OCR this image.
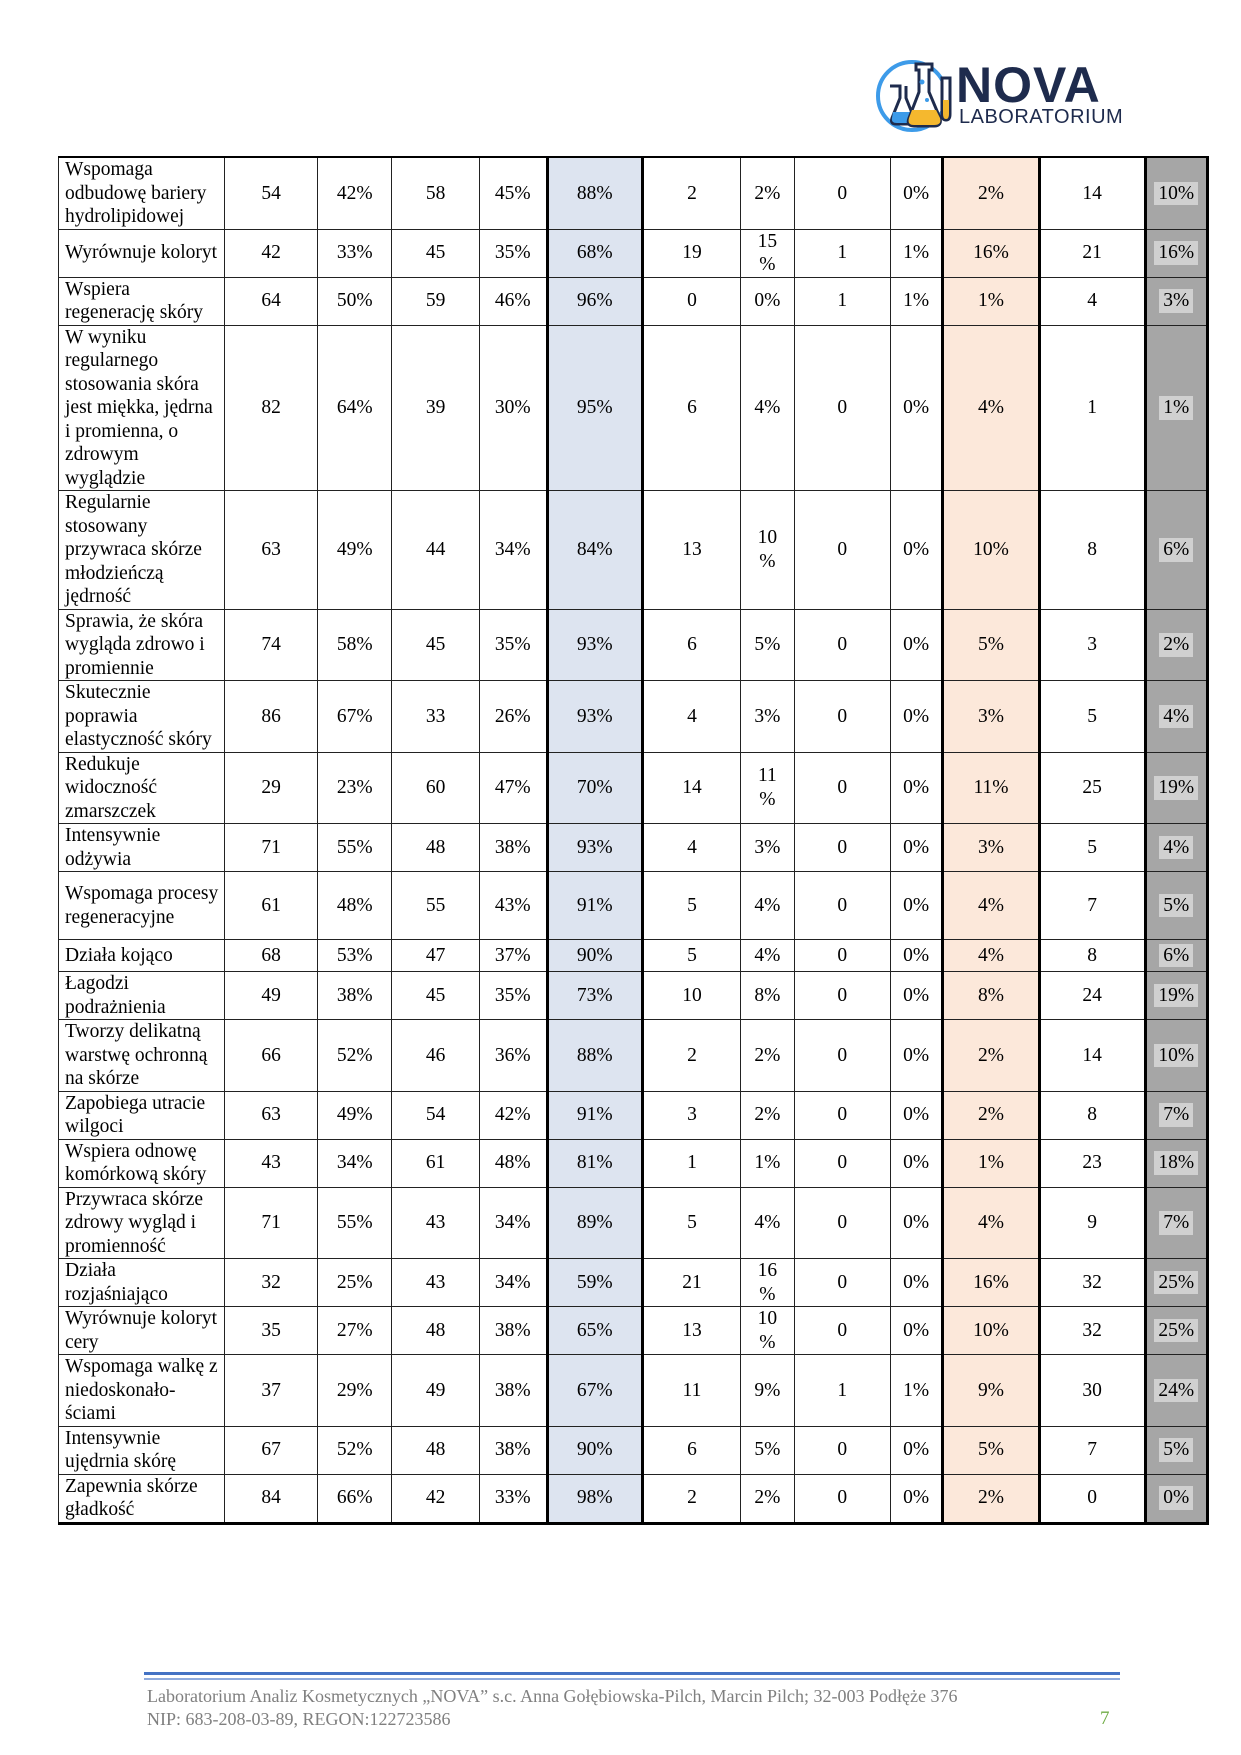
NOVA
LABORATORIUM
Wspomaga odbudowę bariery hydrolipidowej	54	42%	58	45%	88%	2	2%	0	0%	2%	14	10%
Wyrównuje koloryt	42	33%	45	35%	68%	19	15 %	1	1%	16%	21	16%
Wspiera regenerację skóry	64	50%	59	46%	96%	0	0%	1	1%	1%	4	3%
W wyniku regularnego stosowania skóra jest miękka, jędrna i promienna, o zdrowym wyglądzie	82	64%	39	30%	95%	6	4%	0	0%	4%	1	1%
Regularnie stosowany przywraca skórze młodzieńczą jędrność	63	49%	44	34%	84%	13	10 %	0	0%	10%	8	6%
Sprawia, że skóra wygląda zdrowo i promiennie	74	58%	45	35%	93%	6	5%	0	0%	5%	3	2%
Skutecznie poprawia elastyczność skóry	86	67%	33	26%	93%	4	3%	0	0%	3%	5	4%
Redukuje widoczność zmarszczek	29	23%	60	47%	70%	14	11 %	0	0%	11%	25	19%
Intensywnie odżywia	71	55%	48	38%	93%	4	3%	0	0%	3%	5	4%
Wspomaga procesy regeneracyjne	61	48%	55	43%	91%	5	4%	0	0%	4%	7	5%
Działa kojąco	68	53%	47	37%	90%	5	4%	0	0%	4%	8	6%
Łagodzi podrażnienia	49	38%	45	35%	73%	10	8%	0	0%	8%	24	19%
Tworzy delikatną warstwę ochronną na skórze	66	52%	46	36%	88%	2	2%	0	0%	2%	14	10%
Zapobiega utracie wilgoci	63	49%	54	42%	91%	3	2%	0	0%	2%	8	7%
Wspiera odnowę komórkową skóry	43	34%	61	48%	81%	1	1%	0	0%	1%	23	18%
Przywraca skórze zdrowy wygląd i promienność	71	55%	43	34%	89%	5	4%	0	0%	4%	9	7%
Działa rozjaśniająco	32	25%	43	34%	59%	21	16 %	0	0%	16%	32	25%
Wyrównuje koloryt cery	35	27%	48	38%	65%	13	10 %	0	0%	10%	32	25%
Wspomaga walkę z niedoskonało-ściami	37	29%	49	38%	67%	11	9%	1	1%	9%	30	24%
Intensywnie ujędrnia skórę	67	52%	48	38%	90%	6	5%	0	0%	5%	7	5%
Zapewnia skórze gładkość	84	66%	42	33%	98%	2	2%	0	0%	2%	0	0%
Laboratorium Analiz Kosmetycznych „NOVA” s.c. Anna Gołębiowska-Pilch, Marcin Pilch; 32-003 Podłęże 376
NIP: 683-208-03-89, REGON:122723586	7
